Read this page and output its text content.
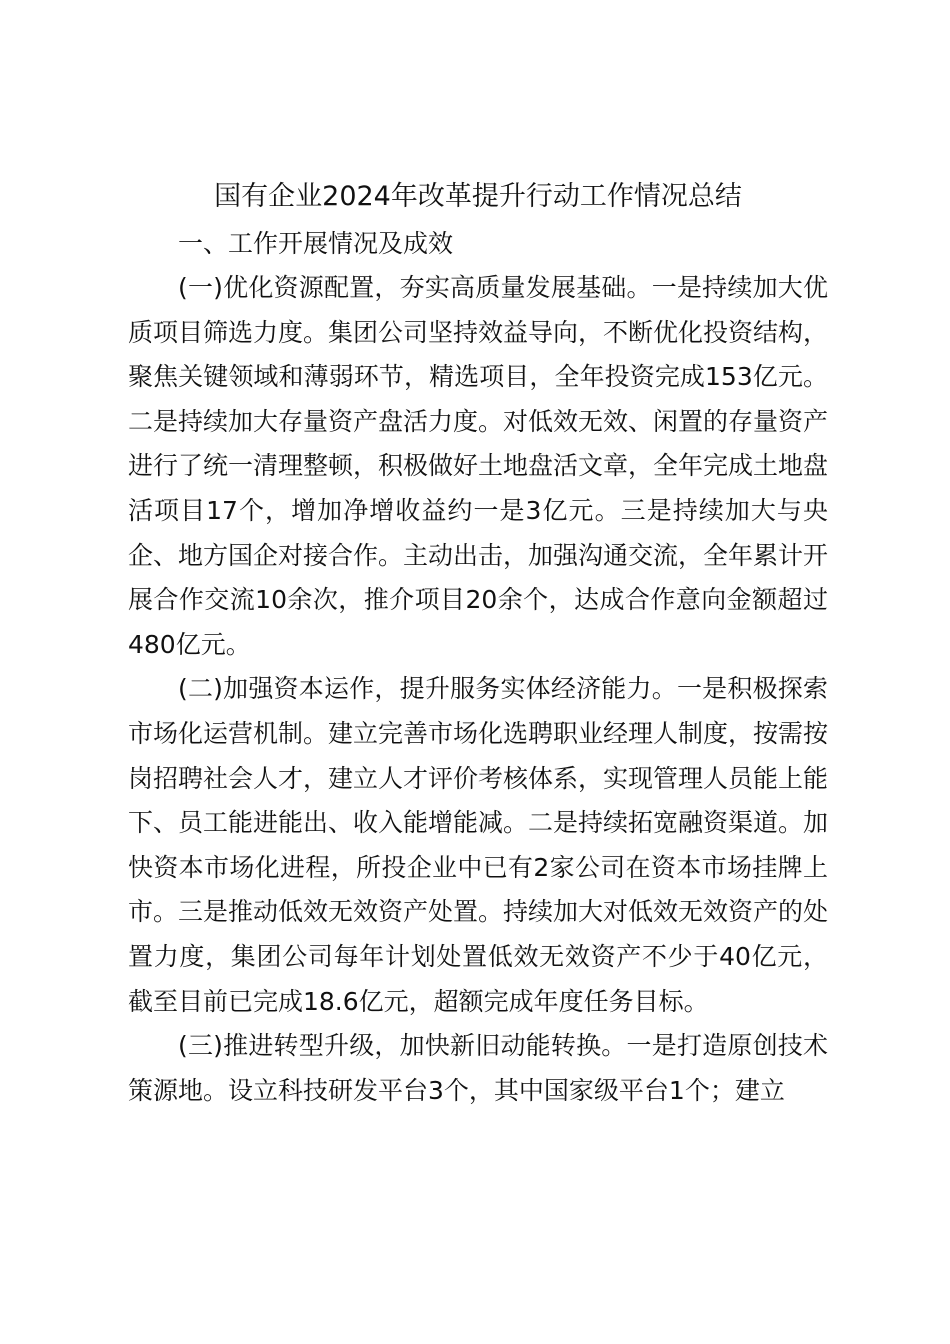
国有企业2024年改革提升行动工作情况总结

一、工作开展情况及成效

(一)优化资源配置，夯实高质量发展基础。一是持续加大优质项目筛选力度。集团公司坚持效益导向，不断优化投资结构，聚焦关键领域和薄弱环节，精选项目，全年投资完成153亿元。二是持续加大存量资产盘活力度。对低效无效、闲置的存量资产进行了统一清理整顿，积极做好土地盘活文章，全年完成土地盘活项目17个，增加净增收益约一是3亿元。三是持续加大与央企、地方国企对接合作。主动出击，加强沟通交流，全年累计开展合作交流10余次，推介项目20余个，达成合作意向金额超过480亿元。

(二)加强资本运作，提升服务实体经济能力。一是积极探索市场化运营机制。建立完善市场化选聘职业经理人制度，按需按岗招聘社会人才，建立人才评价考核体系，实现管理人员能上能下、员工能进能出、收入能增能减。二是持续拓宽融资渠道。加快资本市场化进程，所投企业中已有2家公司在资本市场挂牌上市。三是推动低效无效资产处置。持续加大对低效无效资产的处置力度，集团公司每年计划处置低效无效资产不少于40亿元，截至目前已完成18.6亿元，超额完成年度任务目标。

(三)推进转型升级，加快新旧动能转换。一是打造原创技术策源地。设立科技研发平台3个，其中国家级平台1个；建立
